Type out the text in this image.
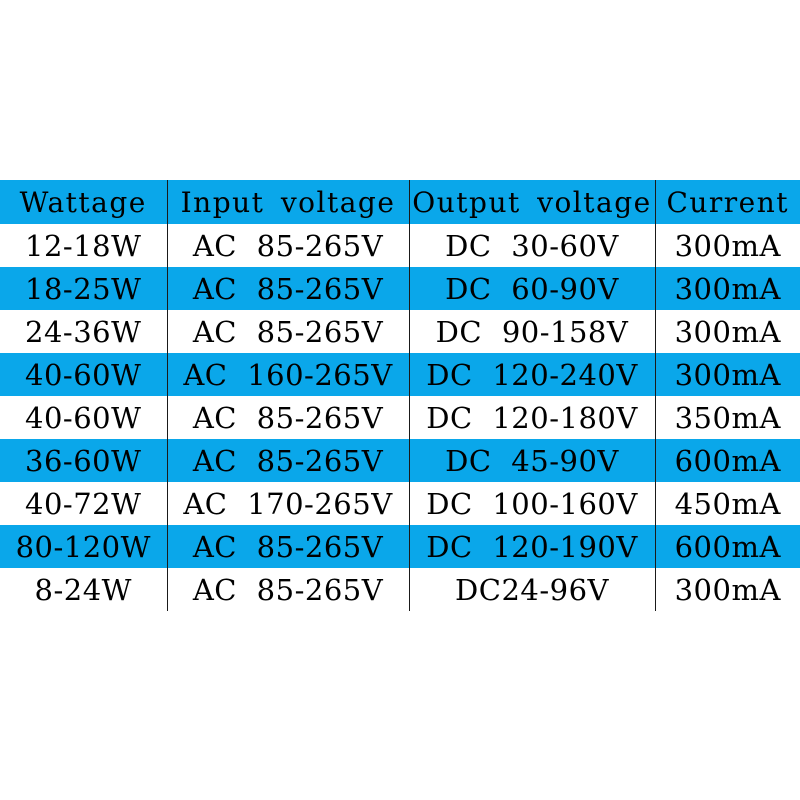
Wattage	Input voltage	Output voltage	Current
12-18W	AC 85-265V	DC 30-60V	300mA
18-25W	AC 85-265V	DC 60-90V	300mA
24-36W	AC 85-265V	DC 90-158V	300mA
40-60W	AC 160-265V	DC 120-240V	300mA
40-60W	AC 85-265V	DC 120-180V	350mA
36-60W	AC 85-265V	DC 45-90V	600mA
40-72W	AC 170-265V	DC 100-160V	450mA
80-120W	AC 85-265V	DC 120-190V	600mA
8-24W	AC 85-265V	DC24-96V	300mA
